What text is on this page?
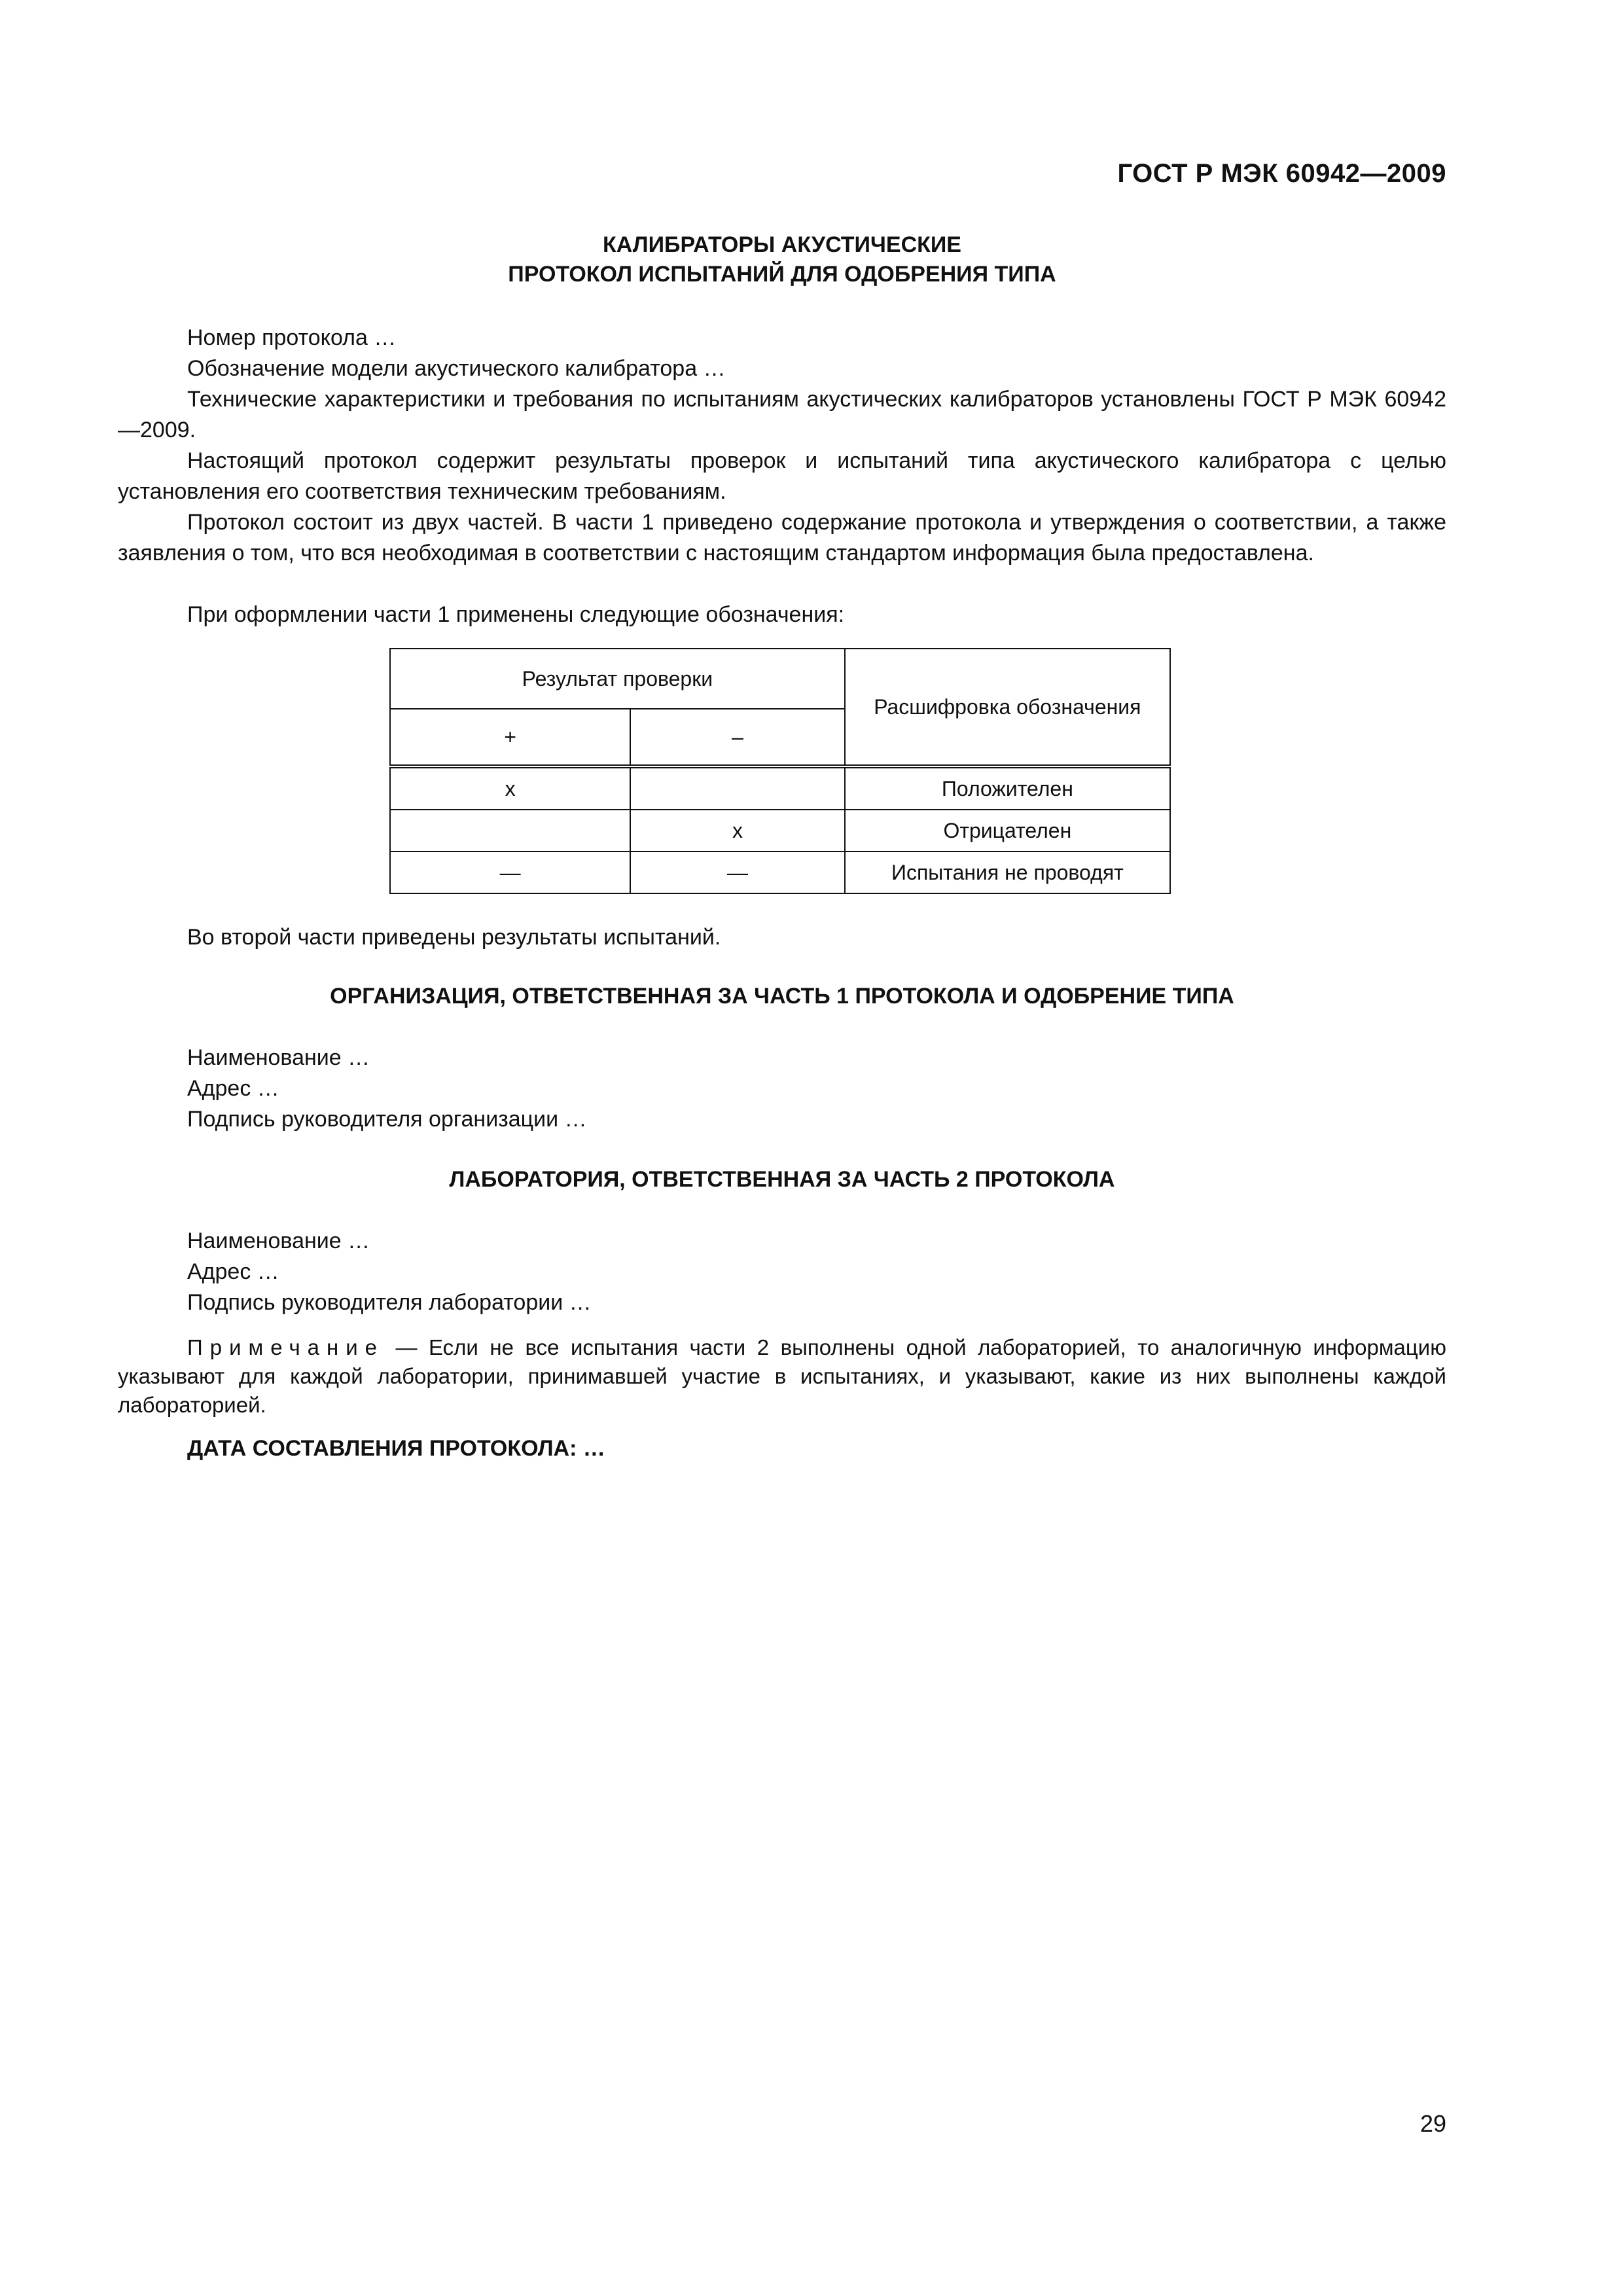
ГОСТ Р МЭК 60942—2009
КАЛИБРАТОРЫ АКУСТИЧЕСКИЕ
ПРОТОКОЛ ИСПЫТАНИЙ ДЛЯ ОДОБРЕНИЯ ТИПА
Номер протокола …
Обозначение модели акустического калибратора …
Технические характеристики и требования по испытаниям акустических калибраторов установлены ГОСТ Р МЭК 60942—2009.
Настоящий протокол содержит результаты проверок и испытаний типа акустического калибратора с целью установления его соответствия техническим требованиям.
Протокол состоит из двух частей. В части 1 приведено содержание протокола и утверждения о соответствии, а также заявления о том, что вся необходимая в соответствии с настоящим стандартом информация была предоставлена.
При оформлении части 1 применены следующие обозначения:
Результат проверки		Расшифровка обозначения
+	–	
x		Положителен
	x	Отрицателен
—	—	Испытания не проводят
Во второй части приведены результаты испытаний.
ОРГАНИЗАЦИЯ, ОТВЕТСТВЕННАЯ ЗА ЧАСТЬ 1 ПРОТОКОЛА И ОДОБРЕНИЕ ТИПА
Наименование …
Адрес …
Подпись руководителя организации …
ЛАБОРАТОРИЯ, ОТВЕТСТВЕННАЯ ЗА ЧАСТЬ 2 ПРОТОКОЛА
Наименование …
Адрес …
Подпись руководителя лаборатории …
Примечание — Если не все испытания части 2 выполнены одной лабораторией, то аналогичную информацию указывают для каждой лаборатории, принимавшей участие в испытаниях, и указывают, какие из них выполнены каждой лабораторией.
ДАТА СОСТАВЛЕНИЯ ПРОТОКОЛА: …
29
